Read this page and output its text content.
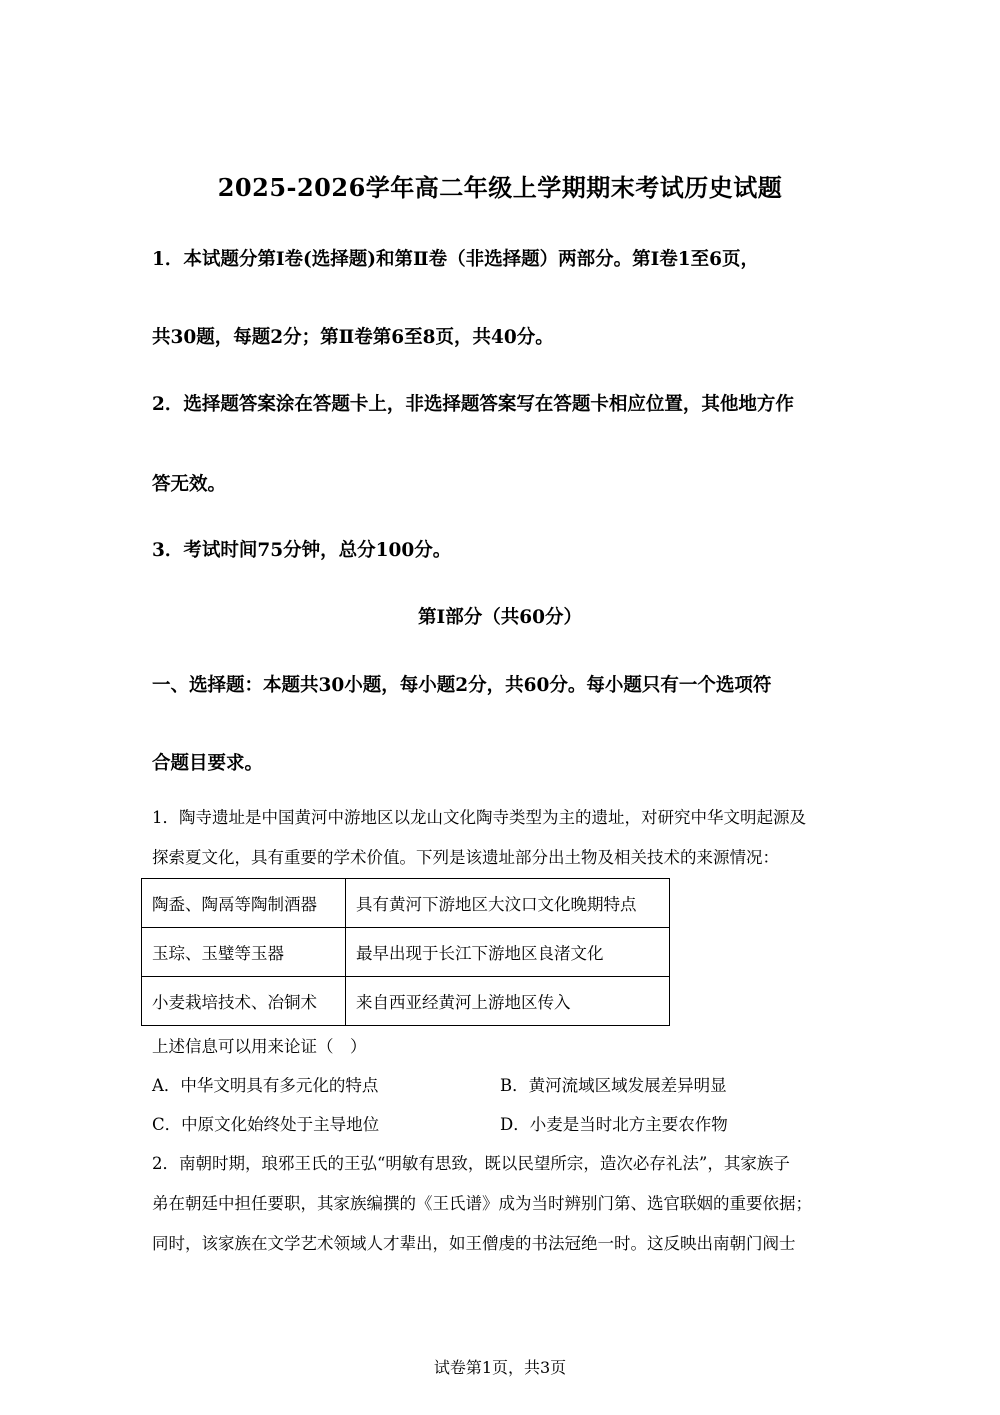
2025-2026学年高二年级上学期期末考试历史试题
1．本试题分第Ⅰ卷(选择题)和第Ⅱ卷（非选择题）两部分。第Ⅰ卷1至6页，
共30题，每题2分；第Ⅱ卷第6至8页，共40分。
2．选择题答案涂在答题卡上，非选择题答案写在答题卡相应位置，其他地方作
答无效。
3．考试时间75分钟，总分100分。
第Ⅰ部分（共60分）
一、选择题：本题共30小题，每小题2分，共60分。每小题只有一个选项符
合题目要求。
1．陶寺遗址是中国黄河中游地区以龙山文化陶寺类型为主的遗址，对研究中华文明起源及
探索夏文化，具有重要的学术价值。下列是该遗址部分出土物及相关技术的来源情况：
陶盉、陶鬲等陶制酒器	具有黄河下游地区大汶口文化晚期特点
玉琮、玉璧等玉器	最早出现于长江下游地区良渚文化
小麦栽培技术、冶铜术	来自西亚经黄河上游地区传入
上述信息可以用来论证（　）
A．中华文明具有多元化的特点	B．黄河流域区域发展差异明显
C．中原文化始终处于主导地位	D．小麦是当时北方主要农作物
2．南朝时期，琅邪王氏的王弘“明敏有思致，既以民望所宗，造次必存礼法”，其家族子
弟在朝廷中担任要职，其家族编撰的《王氏谱》成为当时辨别门第、选官联姻的重要依据；
同时，该家族在文学艺术领域人才辈出，如王僧虔的书法冠绝一时。这反映出南朝门阀士
试卷第1页，共3页
